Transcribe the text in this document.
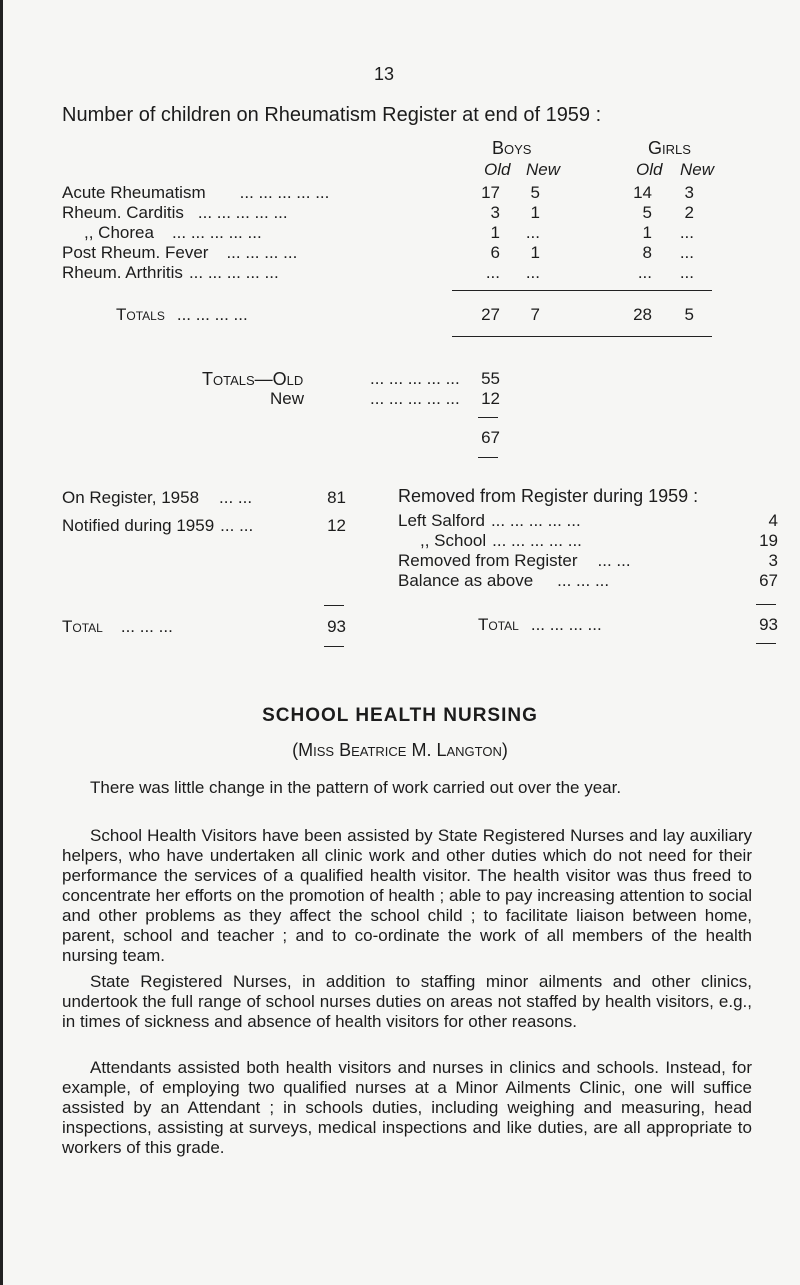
13
Number of children on Rheumatism Register at end of 1959 :
Boys	Girls
Old New	Old New
Acute Rheumatism ... ... ... ... ...	17	5	14	3
Rheum. Carditis ... ... ... ... ...	3	1	5	2
,, Chorea ... ... ... ... ...	1 ...	1 ...
Post Rheum. Fever ... ... ... ...	6	1	8 ...
Rheum. Arthritis ... ... ... ... ...	... ...	... ...
Totals ... ... ... ...	27	7	28	5
Totals—Old	... ... ... ... ...	55
New	... ... ... ... ...	12
67
On Register, 1958 ... ...	81
Notified during 1959 ... ...	12
Total ... ... ...	93
Removed from Register during 1959 :
Left Salford ... ... ... ... ...	4
,, School ... ... ... ... ...	19
Removed from Register ... ...	3
Balance as above ... ... ...	67
Total ... ... ... ...	93
SCHOOL HEALTH NURSING
(Miss Beatrice M. Langton)

There was little change in the pattern of work carried out over the year.

School Health Visitors have been assisted by State Registered Nurses and lay auxiliary helpers, who have undertaken all clinic work and other duties which do not need for their performance the services of a qualified health visitor. The health visitor was thus freed to concentrate her efforts on the promotion of health ; able to pay increasing attention to social and other problems as they affect the school child ; to facilitate liaison between home, parent, school and teacher ; and to co-ordinate the work of all members of the health nursing team.

State Registered Nurses, in addition to staffing minor ailments and other clinics, undertook the full range of school nurses duties on areas not staffed by health visitors, e.g., in times of sickness and absence of health visitors for other reasons.

Attendants assisted both health visitors and nurses in clinics and schools. Instead, for example, of employing two qualified nurses at a Minor Ailments Clinic, one will suffice assisted by an Attendant ; in schools duties, including weighing and measuring, head inspections, assisting at surveys, medical inspections and like duties, are all appropriate to workers of this grade.
